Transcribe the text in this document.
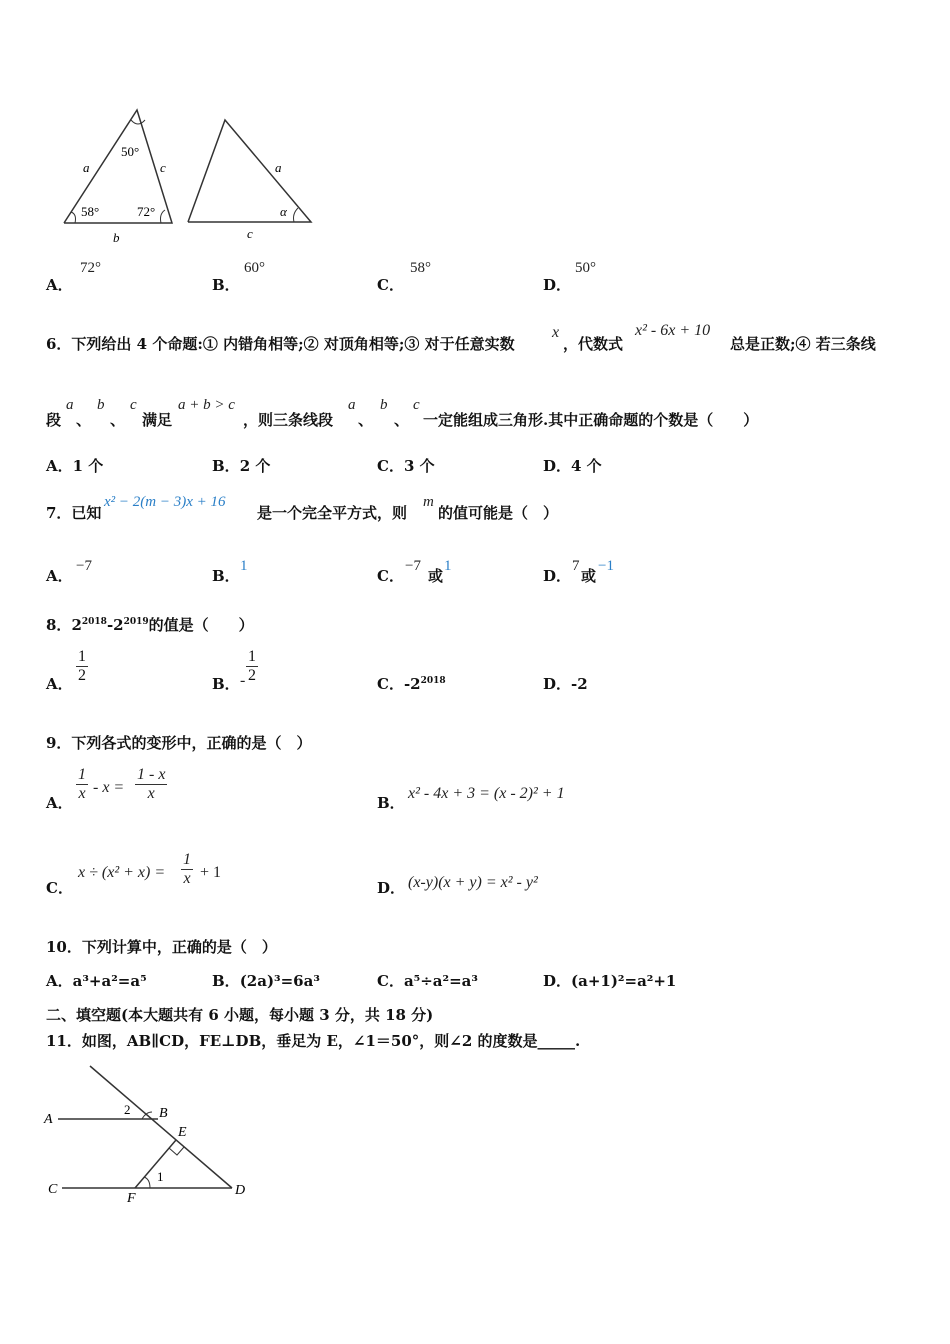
a	c
b
50°
58°	72°
a
α
c
A．
72°
B．
60°
C．
58°
D．
50°
6．下列给出 4 个命题:① 内错角相等;② 对顶角相等;③ 对于任意实数
x
，代数式
x² - 6x + 10
总是正数;④ 若三条线
段
a
、
b
、
c
满足
a + b > c
，则三条线段
a
、
b
、
c
一定能组成三角形.其中正确命题的个数是（　　）
A．1 个	B．2 个	C．3 个	D．4 个
7．已知
x² − 2(m − 3)x + 16
是一个完全平方式，则
m
的值可能是（　）
A．
−7
B．
1
C．
−7
或
1
D．
7
或
−1
8．$2^{2018}-2^{2019}$的值是（　　）
A． $\frac{1}{2}$	B． - $\frac{1}{2}$	C．$-2^{2018}$	D．-2
9．下列各式的变形中，正确的是（　）
A． $\frac{1}{x} - x = \frac{1 - x}{x}$	B．
x² - 4x + 3 = (x - 2)² + 1
C．
$x \div (x^2 + x) = \frac{1}{x} + 1$
D． (x-y)(x + y) = x² - y²
10．下列计算中，正确的是（　）
A．a³+a²=a⁵	B．(2a)³=6a³	C．a⁵÷a²=a³	D．(a+1)²=a²+1
二、填空题(本大题共有 6 小题，每小题 3 分，共 18 分)
11．如图，AB∥CD，FE⊥DB，垂足为 E，∠1＝50°，则∠2 的度数是_____.
A	B
2
E
1
C
F
D
